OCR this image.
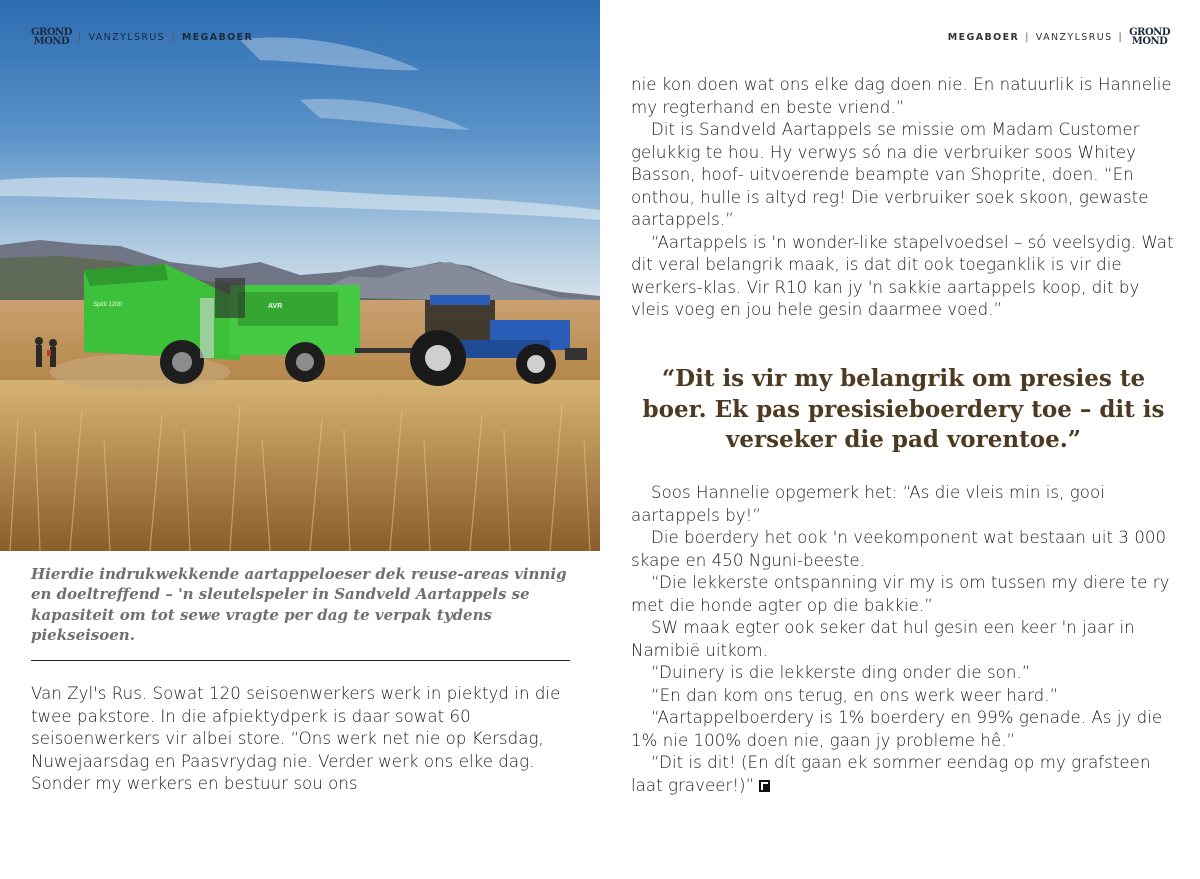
Spirit 1200	AVR
GROND
MOND | VANZYLSRUS | MEGABOER	MEGABOER | VANZYLSRUS | GROND
MOND

Hierdie indrukwekkende aartappeloeser dek reuse-areas vinnig en doeltreffend – 'n sleutelspeler in Sandveld Aartappels se kapasiteit om tot sewe vragte per dag te verpak tydens piekseisoen.

Van Zyl's Rus. Sowat 120 seisoenwerkers werk in piektyd in die twee pakstore. In die afpiektydperk is daar sowat 60 seisoenwerkers vir albei store. “Ons werk net nie op Kersdag, Nuwejaarsdag en Paasvrydag nie. Verder werk ons elke dag. Sonder my werkers en bestuur sou ons

nie kon doen wat ons elke dag doen nie. En natuurlik is Hannelie my regterhand en beste vriend.”

Dit is Sandveld Aartappels se missie om Madam Customer gelukkig te hou. Hy verwys só na die verbruiker soos Whitey Basson, hoof- uitvoerende beampte van Shoprite, doen. “En onthou, hulle is altyd reg! Die verbruiker soek skoon, gewaste aartappels.”

“Aartappels is 'n wonder-like stapelvoedsel – só veelsydig. Wat dit veral belangrik maak, is dat dit ook toeganklik is vir die werkers-klas. Vir R10 kan jy 'n sakkie aartappels koop, dit by vleis voeg en jou hele gesin daarmee voed.”

“Dit is vir my belangrik om presies te boer. Ek pas presisieboerdery toe – dit is verseker die pad vorentoe.”

Soos Hannelie opgemerk het: “As die vleis min is, gooi aartappels by!”

Die boerdery het ook 'n veekomponent wat bestaan uit 3 000 skape en 450 Nguni-beeste.

“Die lekkerste ontspanning vir my is om tussen my diere te ry met die honde agter op die bakkie.”

SW maak egter ook seker dat hul gesin een keer 'n jaar in Namibië uitkom.

“Duinery is die lekkerste ding onder die son.”

“En dan kom ons terug, en ons werk weer hard.”

“Aartappelboerdery is 1% boerdery en 99% genade. As jy die 1% nie 100% doen nie, gaan jy probleme hê.”

“Dit is dit! (En dít gaan ek sommer eendag op my grafsteen laat graveer!)”
